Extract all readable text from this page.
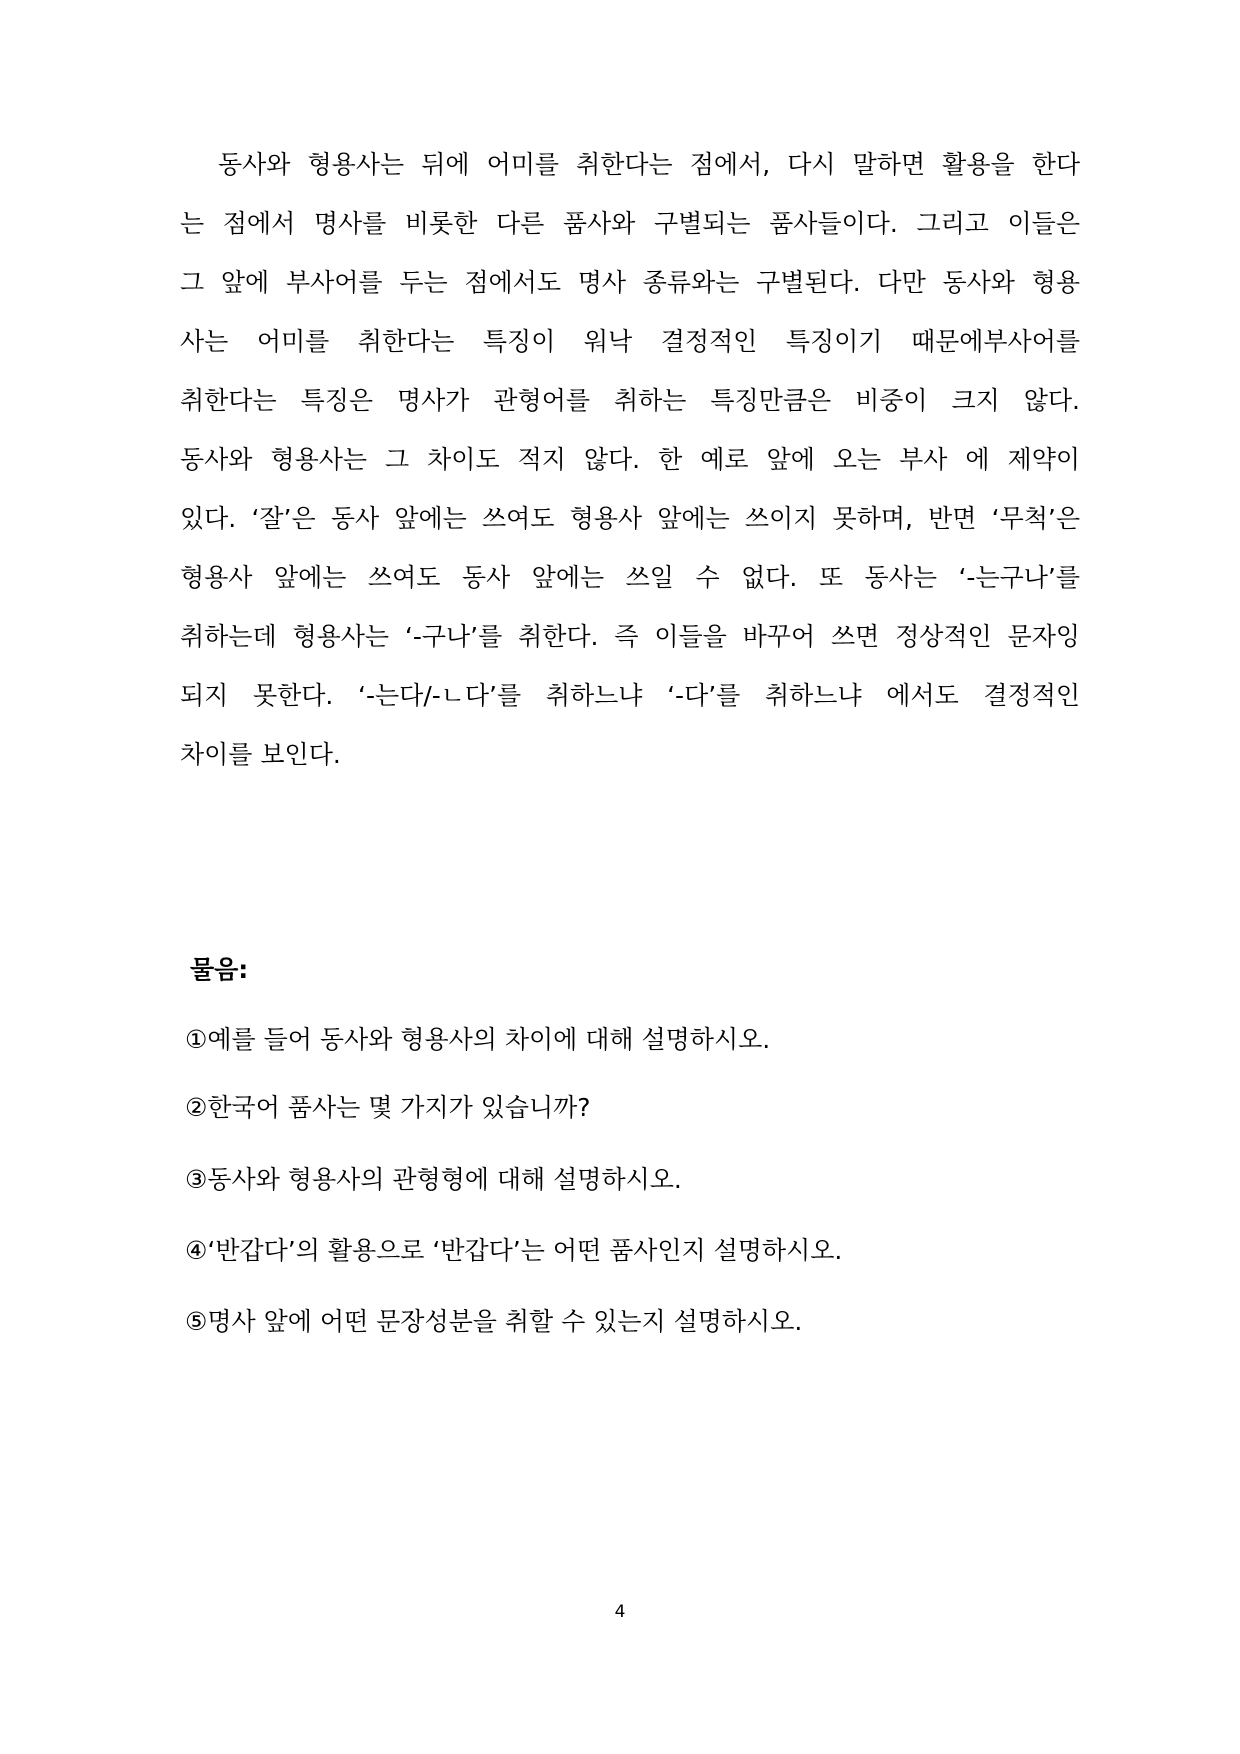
동사와 형용사는 뒤에 어미를 취한다는 점에서, 다시 말하면 활용을 한다
는 점에서 명사를 비롯한 다른 품사와 구별되는 품사들이다. 그리고 이들은
그 앞에 부사어를 두는 점에서도 명사 종류와는 구별된다. 다만 동사와 형용
사는 어미를 취한다는 특징이 워낙 결정적인 특징이기 때문에부사어를
취한다는 특징은 명사가 관형어를 취하는 특징만큼은 비중이 크지 않다.
동사와 형용사는 그 차이도 적지 않다. 한 예로 앞에 오는 부사 에 제약이
있다. ‘잘’은 동사 앞에는 쓰여도 형용사 앞에는 쓰이지 못하며, 반면 ‘무척’은
형용사 앞에는 쓰여도 동사 앞에는 쓰일 수 없다. 또 동사는 ‘-는구나’를
취하는데 형용사는 ‘-구나’를 취한다. 즉 이들을 바꾸어 쓰면 정상적인 문자잉
되지 못한다. ‘-는다/-ㄴ다’를 취하느냐 ‘-다’를 취하느냐 에서도 결정적인
차이를 보인다.
물음:
①예를 들어 동사와 형용사의 차이에 대해 설명하시오.
②한국어 품사는 몇 가지가 있습니까?
③동사와 형용사의 관형형에 대해 설명하시오.
④‘반갑다’의 활용으로 ‘반갑다’는 어떤 품사인지 설명하시오.
⑤명사 앞에 어떤 문장성분을 취할 수 있는지 설명하시오.
4
